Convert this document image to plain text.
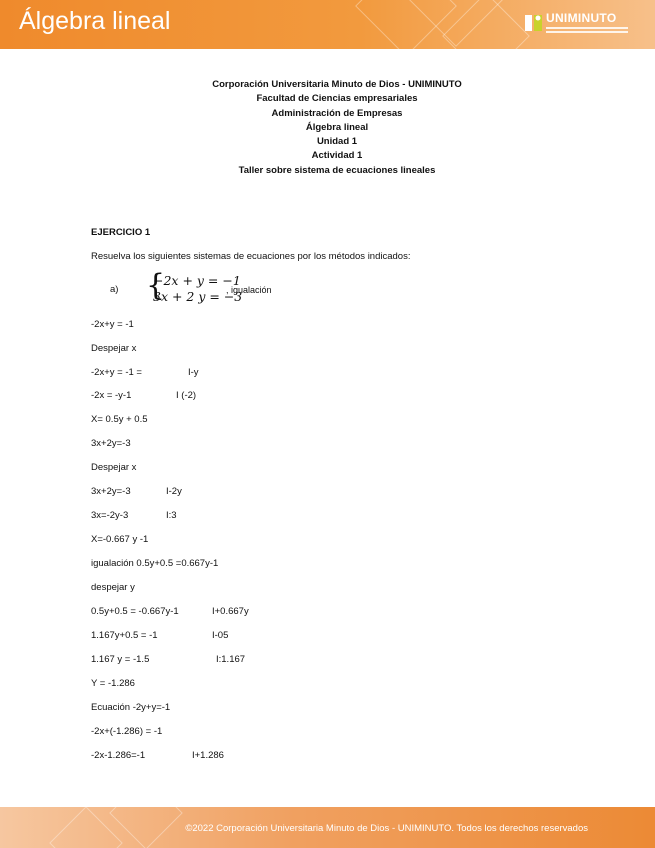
Álgebra lineal	UNIMINUTO
Corporación Universitaria Minuto de Dios - UNIMINUTO
Facultad de Ciencias empresariales
Administración de Empresas
Álgebra lineal
Unidad 1
Actividad 1
Taller sobre sistema de ecuaciones lineales
EJERCICIO 1
Resuelva los siguientes sistemas de ecuaciones por los métodos indicados:
a) {
−2x + y = −1
3x + 2 y = −3
, igualación
-2x+y = -1
Despejar x
-2x+y = -1 =	I-y
-2x = -y-1	I (-2)
X= 0.5y + 0.5
3x+2y=-3
Despejar x
3x+2y=-3	I-2y
3x=-2y-3	I:3
X=-0.667 y -1
igualación 0.5y+0.5 =0.667y-1
despejar y
0.5y+0.5 = -0.667y-1	I+0.667y
1.167y+0.5 = -1	I-05
1.167 y = -1.5	I:1.167
Y = -1.286
Ecuación -2y+y=-1
-2x+(-1.286) = -1
-2x-1.286=-1	I+1.286
©2022 Corporación Universitaria Minuto de Dios - UNIMINUTO. Todos los derechos reservados
